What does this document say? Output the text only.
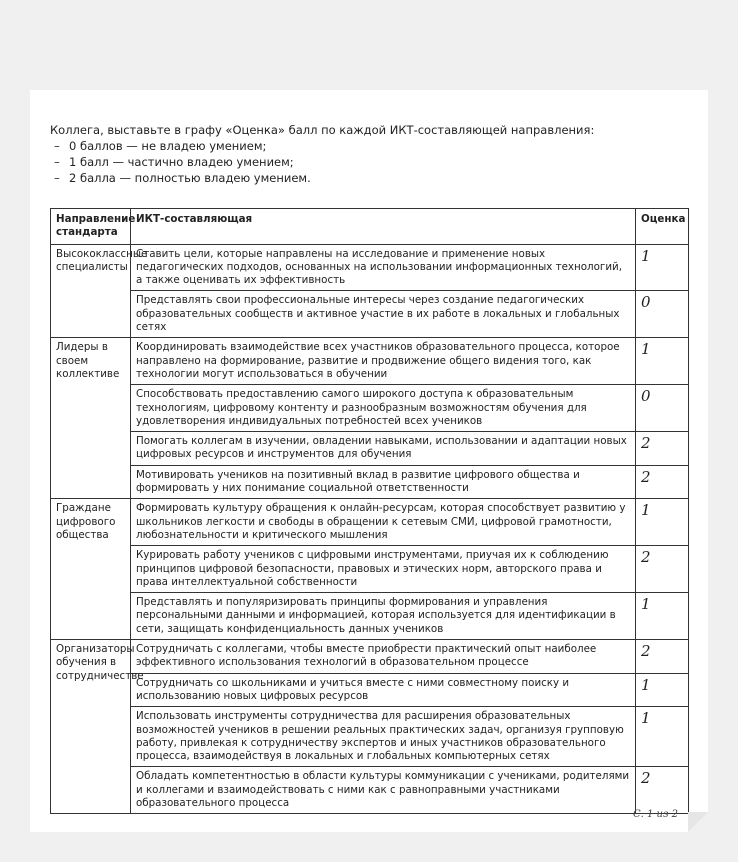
Коллега, выставьте в графу «Оценка» балл по каждой ИКТ-составляющей направления:
– 0 баллов — не владею умением;
– 1 балл — частично владею умением;
– 2 балла — полностью владею умением.
Направление стандарта	ИКТ-составляющая	Оценка
Высококлассные специалисты	Ставить цели, которые направлены на исследование и применение новых педагогических подходов, основанных на использовании информационных технологий, а также оценивать их эффективность	1
	Представлять свои профессиональные интересы через создание педагогических образовательных сообществ и активное участие в их работе в локальных и глобальных сетях	0
Лидеры в своем коллективе	Координировать взаимодействие всех участников образовательного процесса, которое направлено на формирование, развитие и продвижение общего видения того, как технологии могут использоваться в обучении	1
	Способствовать предоставлению самого широкого доступа к образовательным технологиям, цифровому контенту и разнообразным возможностям обучения для удовлетворения индивидуальных потребностей всех учеников	0
	Помогать коллегам в изучении, овладении навыками, использовании и адаптации новых цифровых ресурсов и инструментов для обучения	2
	Мотивировать учеников на позитивный вклад в развитие цифрового общества и формировать у них понимание социальной ответственности	2
Граждане цифрового общества	Формировать культуру обращения к онлайн-ресурсам, которая способствует развитию у школьников легкости и свободы в обращении к сетевым СМИ, цифровой грамотности, любознательности и критического мышления	1
	Курировать работу учеников с цифровыми инструментами, приучая их к соблюдению принципов цифровой безопасности, правовых и этических норм, авторского права и права интеллектуальной собственности	2
	Представлять и популяризировать принципы формирования и управления персональными данными и информацией, которая используется для идентификации в сети, защищать конфиденциальность данных учеников	1
Организаторы обучения в сотрудничестве	Сотрудничать с коллегами, чтобы вместе приобрести практический опыт наиболее эффективного использования технологий в образовательном процессе	2
	Сотрудничать со школьниками и учиться вместе с ними совместному поиску и использованию новых цифровых ресурсов	1
	Использовать инструменты сотрудничества для расширения образовательных возможностей учеников в решении реальных практических задач, организуя групповую работу, привлекая к сотрудничеству экспертов и иных участников образовательного процесса, взаимодействуя в локальных и глобальных компьютерных сетях	1
	Обладать компетентностью в области культуры коммуникации с учениками, родителями и коллегами и взаимодействовать с ними как с равноправными участниками образовательного процесса	2
С. 1 из 2
